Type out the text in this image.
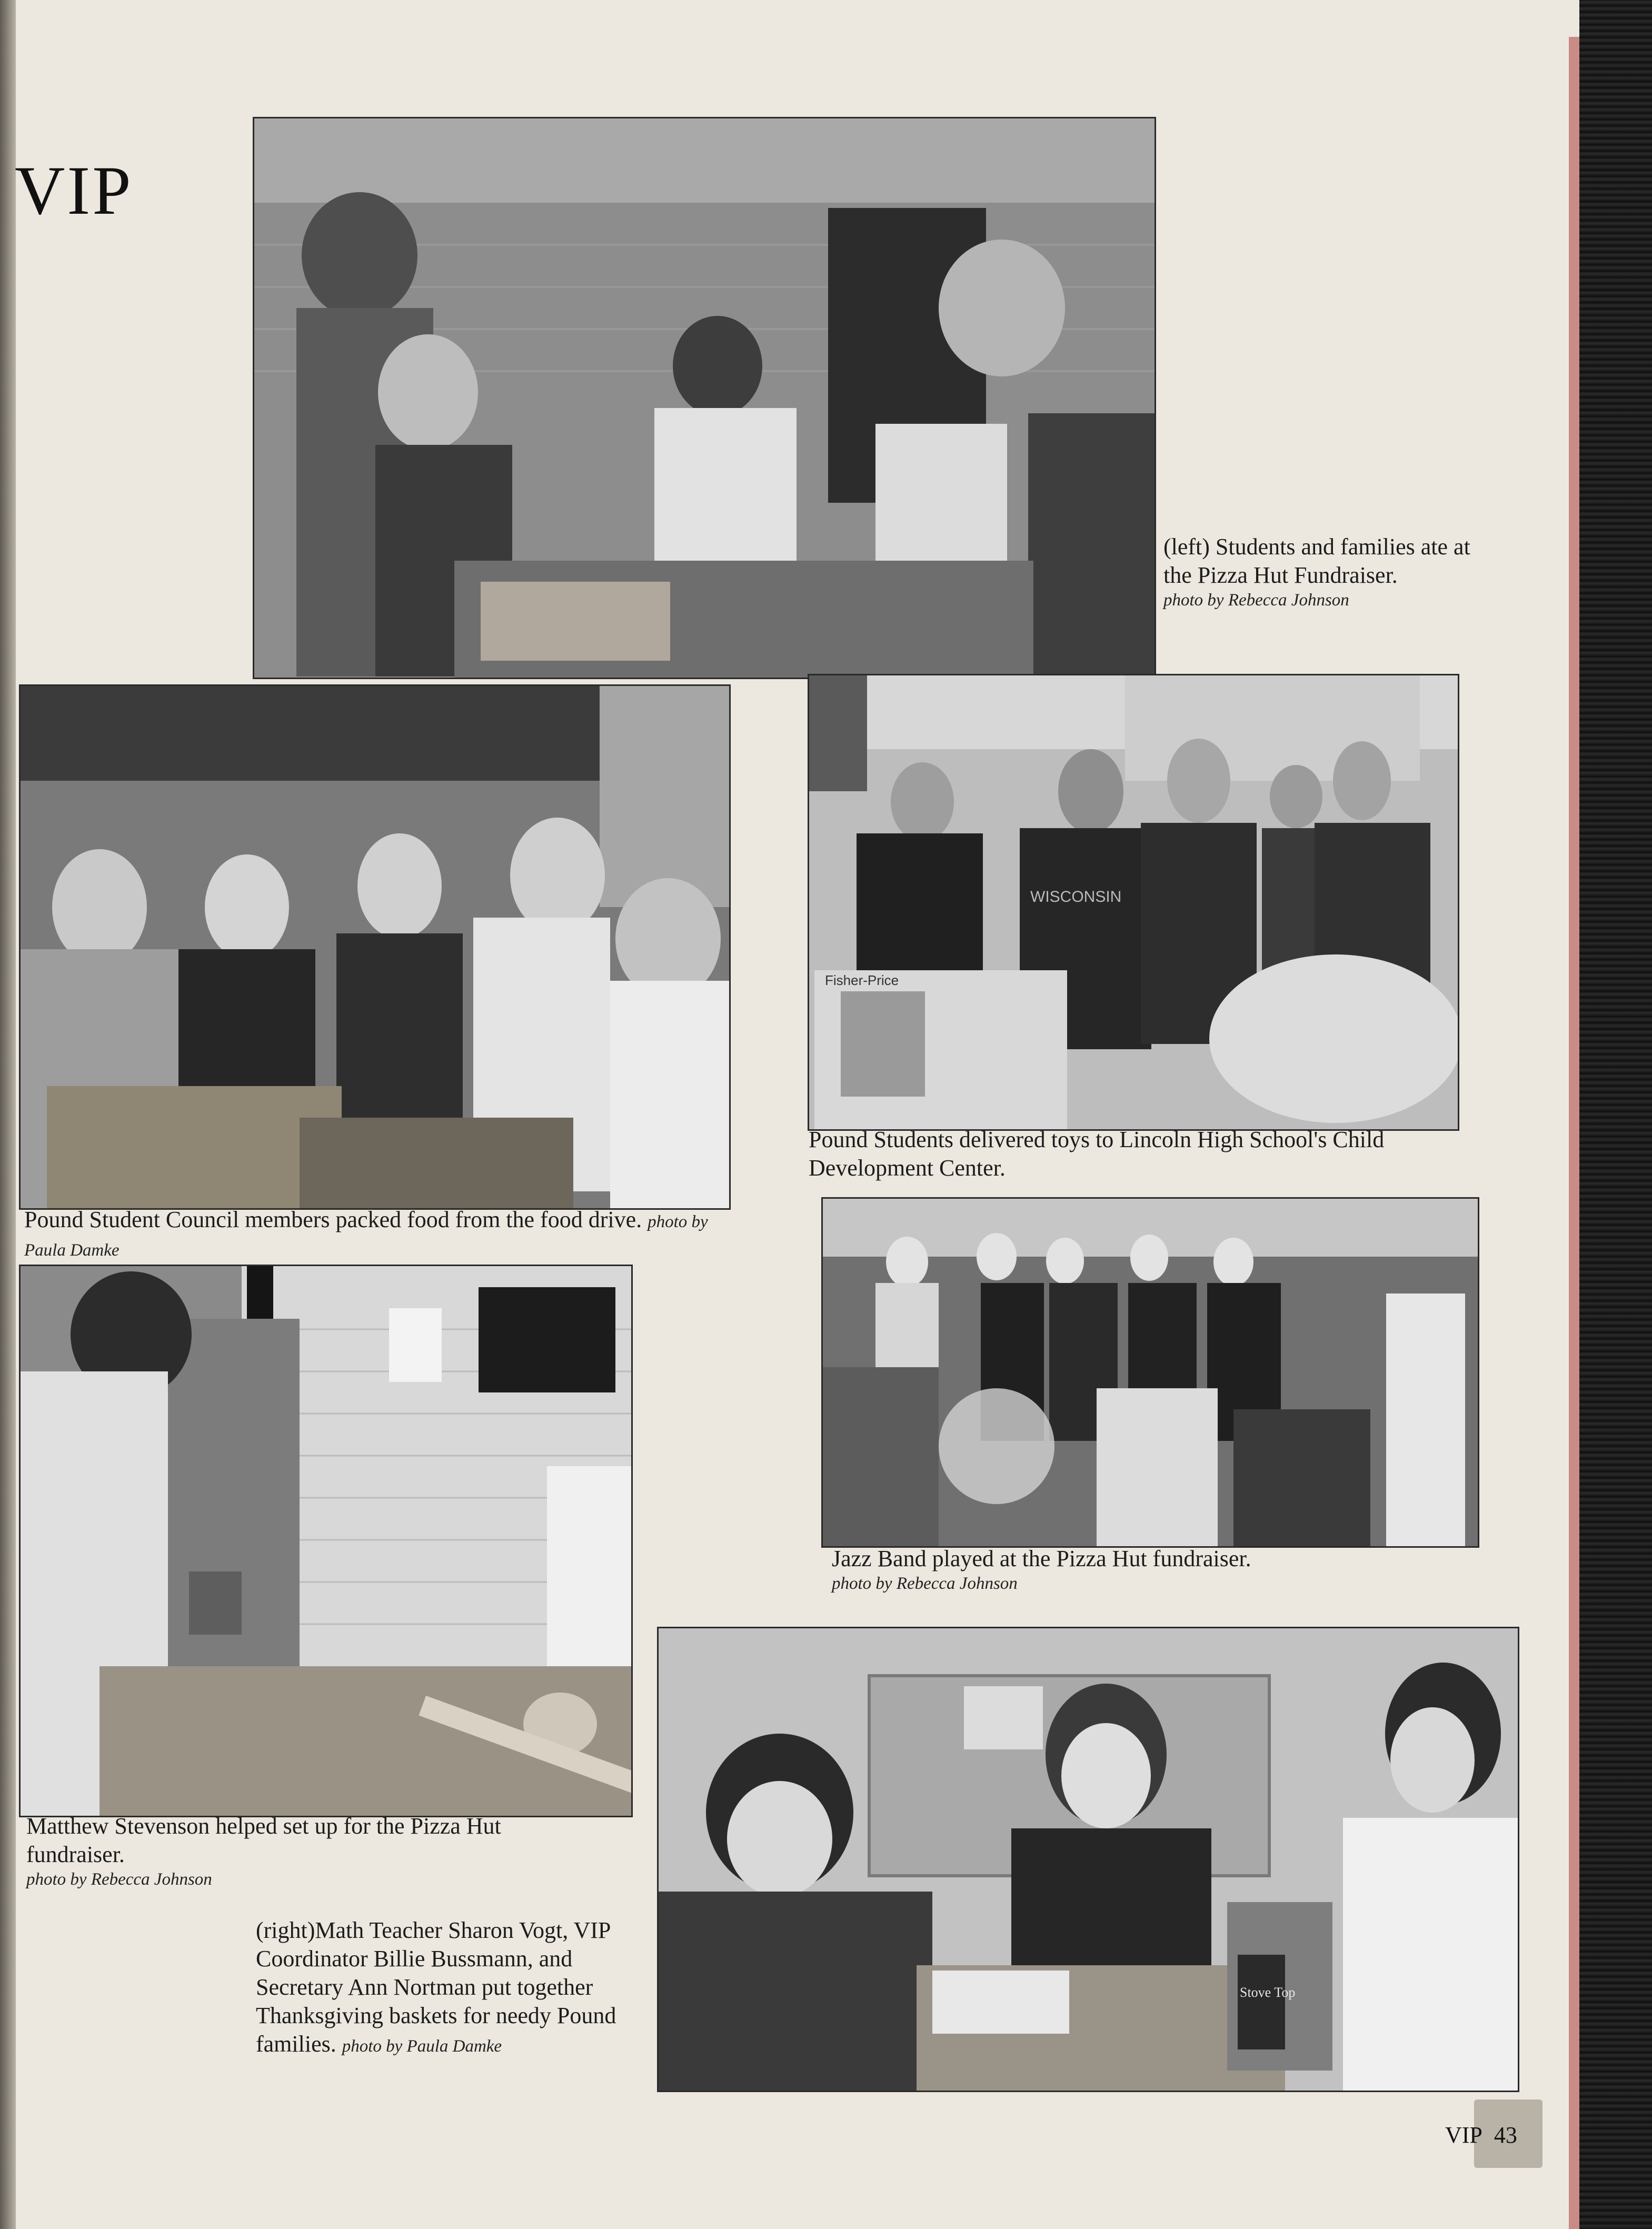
VIP
(left) Students and families ate at the Pizza Hut Fundraiser.
photo by Rebecca Johnson
Pound Student Council members packed food from the food drive. photo by Paula Damke
Fisher-Price
WISCONSIN
Pound Students delivered toys to Lincoln High School's Child Development Center.
Jazz Band played at the Pizza Hut fundraiser.
photo by Rebecca Johnson
Matthew Stevenson helped set up for the Pizza Hut fundraiser.
photo by Rebecca Johnson
Stove Top
(right)Math Teacher Sharon Vogt, VIP Coordinator Billie Bussmann, and Secretary Ann Nortman put together Thanksgiving baskets for needy Pound families. photo by Paula Damke
VIP 43
